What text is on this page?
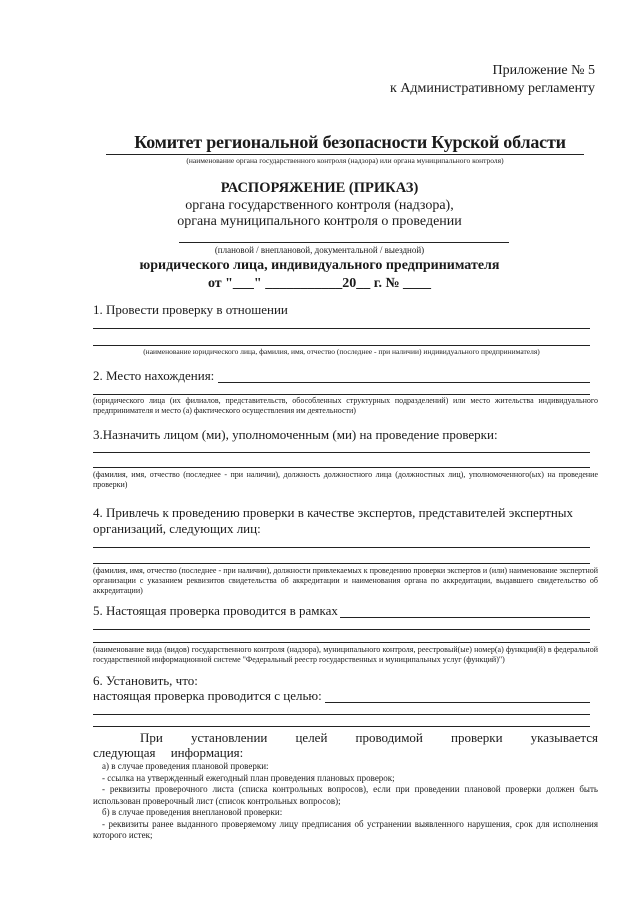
Приложение № 5
к Административному регламенту
Комитет региональной безопасности Курской области
(наименование органа государственного контроля (надзора) или органа муниципального контроля)
РАСПОРЯЖЕНИЕ (ПРИКАЗ)
органа государственного контроля (надзора),
органа муниципального контроля о проведении
(плановой / внеплановой, документальной / выездной)
юридического лица, индивидуального предпринимателя
от "___" ___________20__ г. № ____
1. Провести проверку в отношении
(наименование юридического лица, фамилия, имя, отчество (последнее - при наличии) индивидуального предпринимателя)
2. Место нахождения:
(юридического лица (их филиалов, представительств, обособленных структурных подразделений) или место жительства индивидуального предпринимателя и место (а) фактического осуществления им деятельности)
3.Назначить лицом (ми), уполномоченным (ми) на проведение проверки:
(фамилия, имя, отчество (последнее - при наличии), должность должностного лица (должностных лиц), уполномоченного(ых) на проведение проверки)
4. Привлечь к проведению проверки в качестве экспертов, представителей экспертных организаций, следующих лиц:
(фамилия, имя, отчество (последнее - при наличии), должности привлекаемых к проведению проверки экспертов и (или) наименование экспертной организации с указанием реквизитов свидетельства об аккредитации и наименования органа по аккредитации, выдавшего свидетельство об аккредитации)
5. Настоящая проверка проводится в рамках
(наименование вида (видов) государственного контроля (надзора), муниципального контроля, реестровый(ые) номер(а) функции(й) в федеральной государственной информационной системе "Федеральный реестр государственных и муниципальных услуг (функций)")
6. Установить, что:
настоящая проверка проводится с целью:
При установлении целей проводимой проверки указывается следующая информация:
а) в случае проведения плановой проверки:
- ссылка на утвержденный ежегодный план проведения плановых проверок;
- реквизиты проверочного листа (списка контрольных вопросов), если при проведении плановой проверки должен быть использован проверочный лист (список контрольных вопросов);
б) в случае проведения внеплановой проверки:
- реквизиты ранее выданного проверяемому лицу предписания об устранении выявленного нарушения, срок для исполнения которого истек;
